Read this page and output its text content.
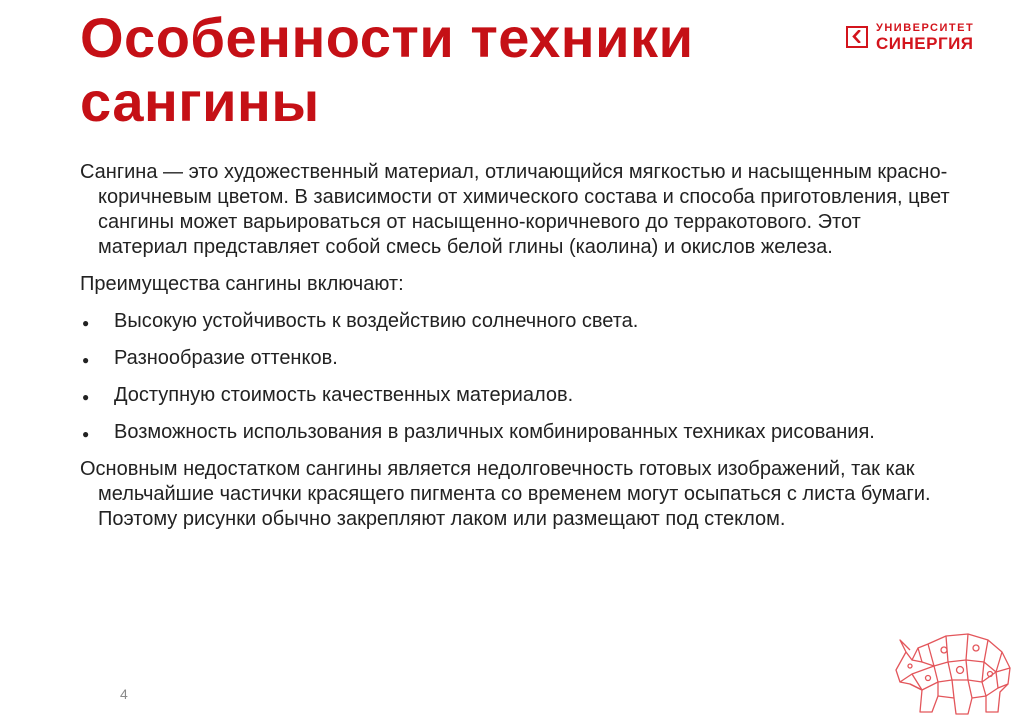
Особенности техники сангины
УНИВЕРСИТЕТ
СИНЕРГИЯ

Сангина — это художественный материал, отличающийся мягкостью и насыщенным красно-коричневым цветом. В зависимости от химического состава и способа приготовления, цвет сангины может варьироваться от насыщенно-коричневого до терракотового. Этот материал представляет собой смесь белой глины (каолина) и окислов железа.

Преимущества сангины включают:

● Высокую устойчивость к воздействию солнечного света.
● Разнообразие оттенков.
● Доступную стоимость качественных материалов.
● Возможность использования в различных комбинированных техниках рисования.

Основным недостатком сангины является недолговечность готовых изображений, так как мельчайшие частички красящего пигмента со временем могут осыпаться с листа бумаги. Поэтому рисунки обычно закрепляют лаком или размещают под стеклом.

4
